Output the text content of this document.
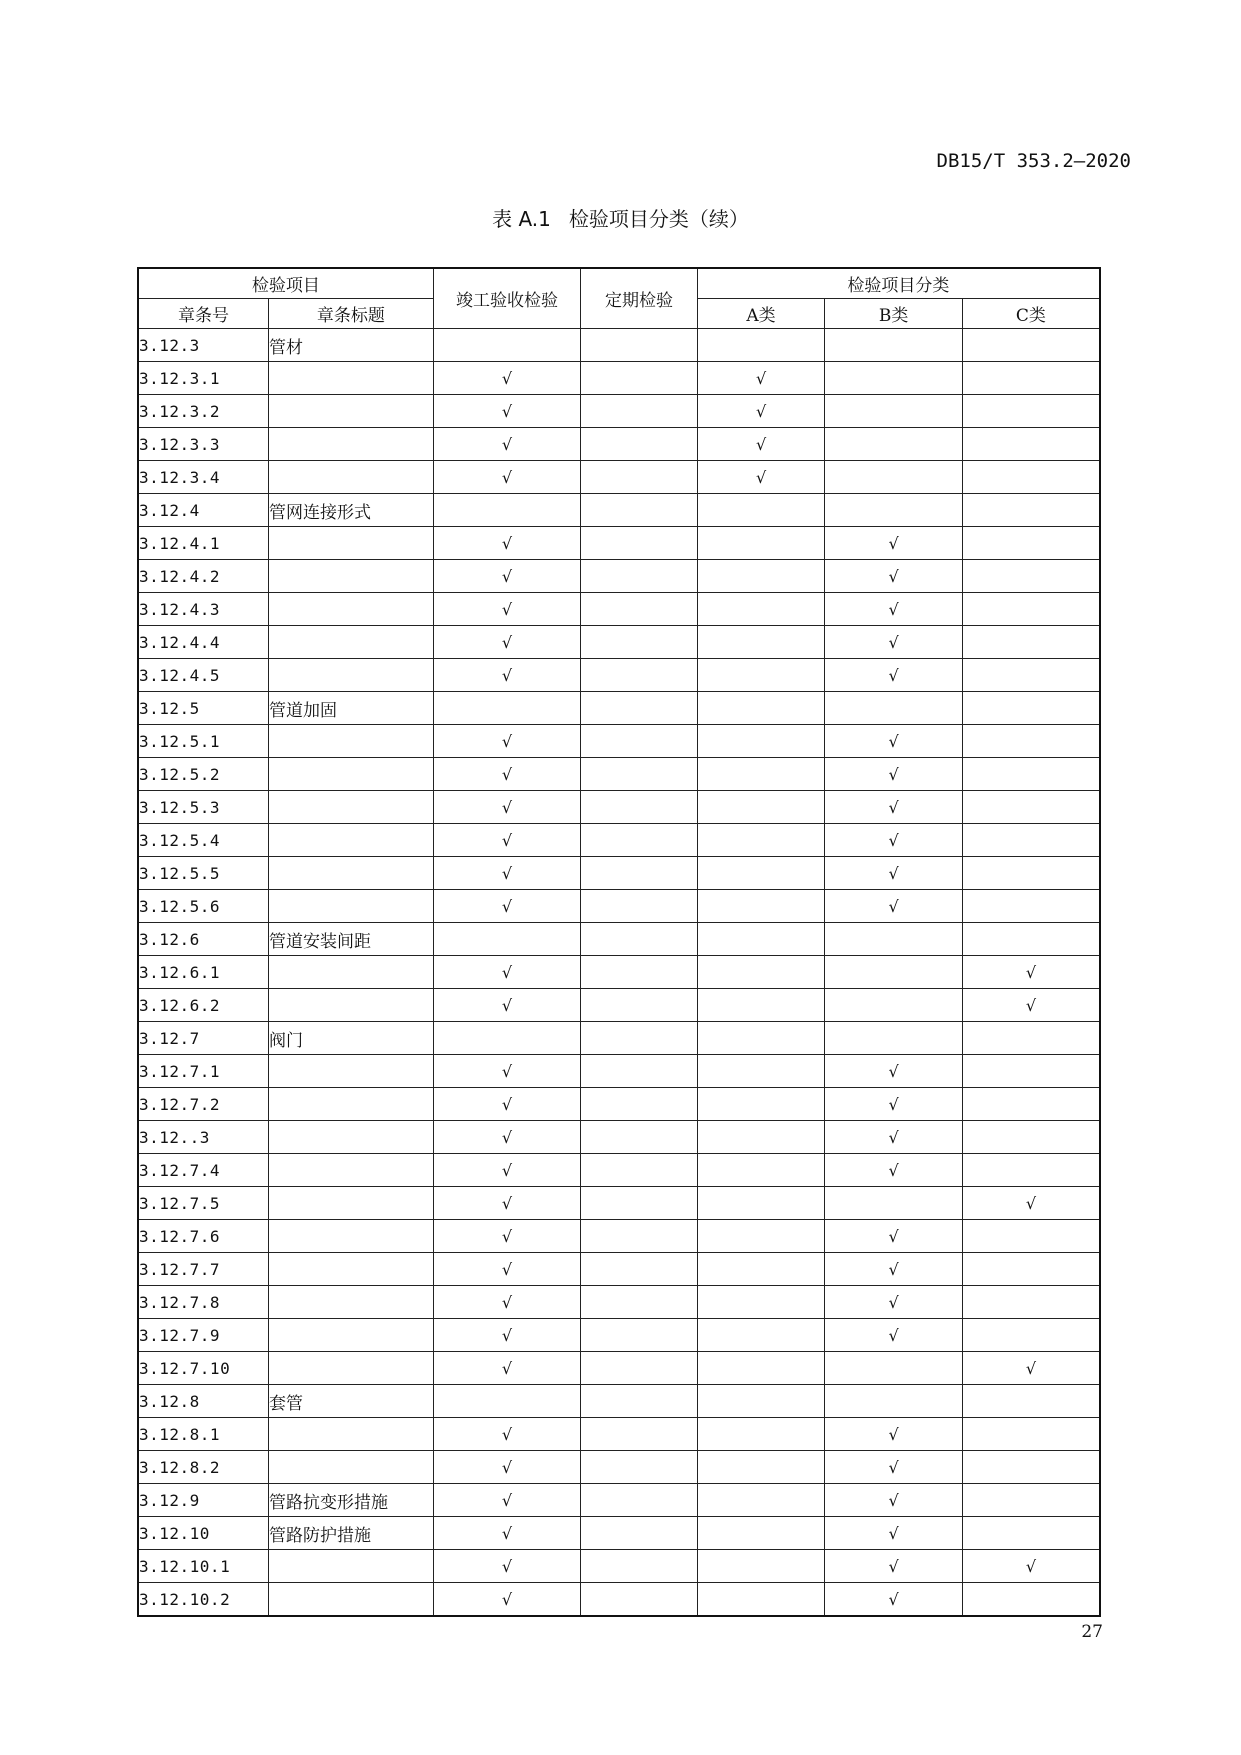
DB15/T 353.2—2020
表 A.1 检验项目分类（续）
检验项目		竣工验收检验	定期检验	检验项目分类		
章条号	章条标题			A类	B类	C类
3.12.3	管材					
3.12.3.1		√		√		
3.12.3.2		√		√		
3.12.3.3		√		√		
3.12.3.4		√		√		
3.12.4	管网连接形式					
3.12.4.1		√			√	
3.12.4.2		√			√	
3.12.4.3		√			√	
3.12.4.4		√			√	
3.12.4.5		√			√	
3.12.5	管道加固					
3.12.5.1		√			√	
3.12.5.2		√			√	
3.12.5.3		√			√	
3.12.5.4		√			√	
3.12.5.5		√			√	
3.12.5.6		√			√	
3.12.6	管道安装间距					
3.12.6.1		√				√
3.12.6.2		√				√
3.12.7	阀门					
3.12.7.1		√			√	
3.12.7.2		√			√	
3.12..3		√			√	
3.12.7.4		√			√	
3.12.7.5		√				√
3.12.7.6		√			√	
3.12.7.7		√			√	
3.12.7.8		√			√	
3.12.7.9		√			√	
3.12.7.10		√				√
3.12.8	套管					
3.12.8.1		√			√	
3.12.8.2		√			√	
3.12.9	管路抗变形措施	√			√	
3.12.10	管路防护措施	√			√	
3.12.10.1		√			√	√
3.12.10.2		√			√	
27
